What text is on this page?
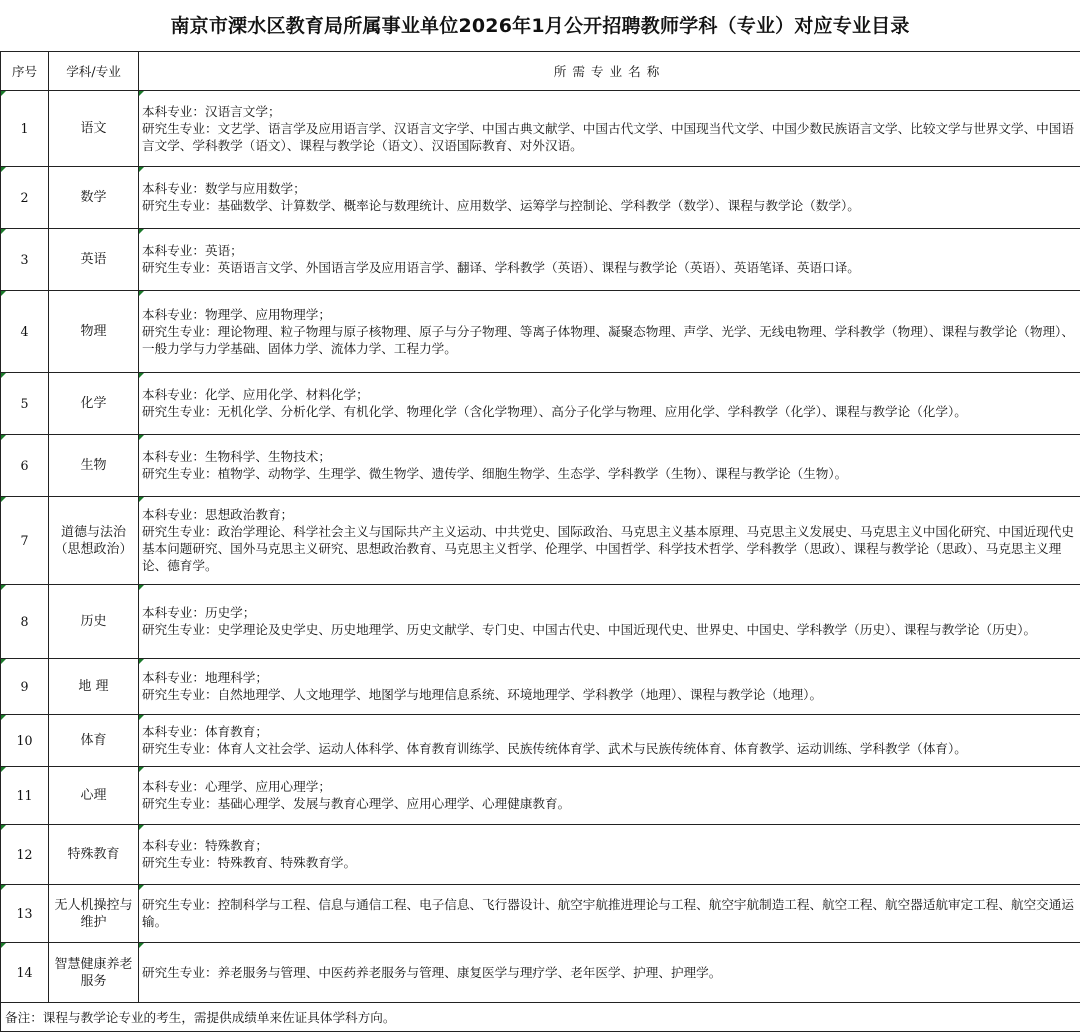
南京市溧水区教育局所属事业单位2026年1月公开招聘教师学科（专业）对应专业目录
序号	学科/专业	所需专业名称
1	语文	本科专业：汉语言文学；
研究生专业：文艺学、语言学及应用语言学、汉语言文字学、中国古典文献学、中国古代文学、中国现当代文学、中国少数民族语言文学、比较文学与世界文学、中国语言文学、学科教学（语文）、课程与教学论（语文）、汉语国际教育、对外汉语。

2	数学	本科专业：数学与应用数学；
研究生专业：基础数学、计算数学、概率论与数理统计、应用数学、运筹学与控制论、学科教学（数学）、课程与教学论（数学）。

3	英语	本科专业：英语；
研究生专业：英语语言文学、外国语言学及应用语言学、翻译、学科教学（英语）、课程与教学论（英语）、英语笔译、英语口译。

4	物理	本科专业：物理学、应用物理学；
研究生专业：理论物理、粒子物理与原子核物理、原子与分子物理、等离子体物理、凝聚态物理、声学、光学、无线电物理、学科教学（物理）、课程与教学论（物理）、一般力学与力学基础、固体力学、流体力学、工程力学。

5	化学	本科专业：化学、应用化学、材料化学；
研究生专业：无机化学、分析化学、有机化学、物理化学（含化学物理）、高分子化学与物理、应用化学、学科教学（化学）、课程与教学论（化学）。

6	生物	本科专业：生物科学、生物技术；
研究生专业：植物学、动物学、生理学、微生物学、遗传学、细胞生物学、生态学、学科教学（生物）、课程与教学论（生物）。

7	道德与法治（思想政治）	本科专业：思想政治教育；
研究生专业：政治学理论、科学社会主义与国际共产主义运动、中共党史、国际政治、马克思主义基本原理、马克思主义发展史、马克思主义中国化研究、中国近现代史基本问题研究、国外马克思主义研究、思想政治教育、马克思主义哲学、伦理学、中国哲学、科学技术哲学、学科教学（思政）、课程与教学论（思政）、马克思主义理论、德育学。

8	历史	本科专业：历史学；
研究生专业：史学理论及史学史、历史地理学、历史文献学、专门史、中国古代史、中国近现代史、世界史、中国史、学科教学（历史）、课程与教学论（历史）。

9	地 理	本科专业：地理科学；
研究生专业：自然地理学、人文地理学、地图学与地理信息系统、环境地理学、学科教学（地理）、课程与教学论（地理）。

10	体育	本科专业：体育教育；
研究生专业：体育人文社会学、运动人体科学、体育教育训练学、民族传统体育学、武术与民族传统体育、体育教学、运动训练、学科教学（体育）。

11	心理	本科专业：心理学、应用心理学；
研究生专业：基础心理学、发展与教育心理学、应用心理学、心理健康教育。

12	特殊教育	本科专业：特殊教育；
研究生专业：特殊教育、特殊教育学。

13	无人机操控与维护	研究生专业：控制科学与工程、信息与通信工程、电子信息、飞行器设计、航空宇航推进理论与工程、航空宇航制造工程、航空工程、航空器适航审定工程、航空交通运输。

14	智慧健康养老服务	研究生专业：养老服务与管理、中医药养老服务与管理、康复医学与理疗学、老年医学、护理、护理学。

备注：课程与教学论专业的考生，需提供成绩单来佐证具体学科方向。		
